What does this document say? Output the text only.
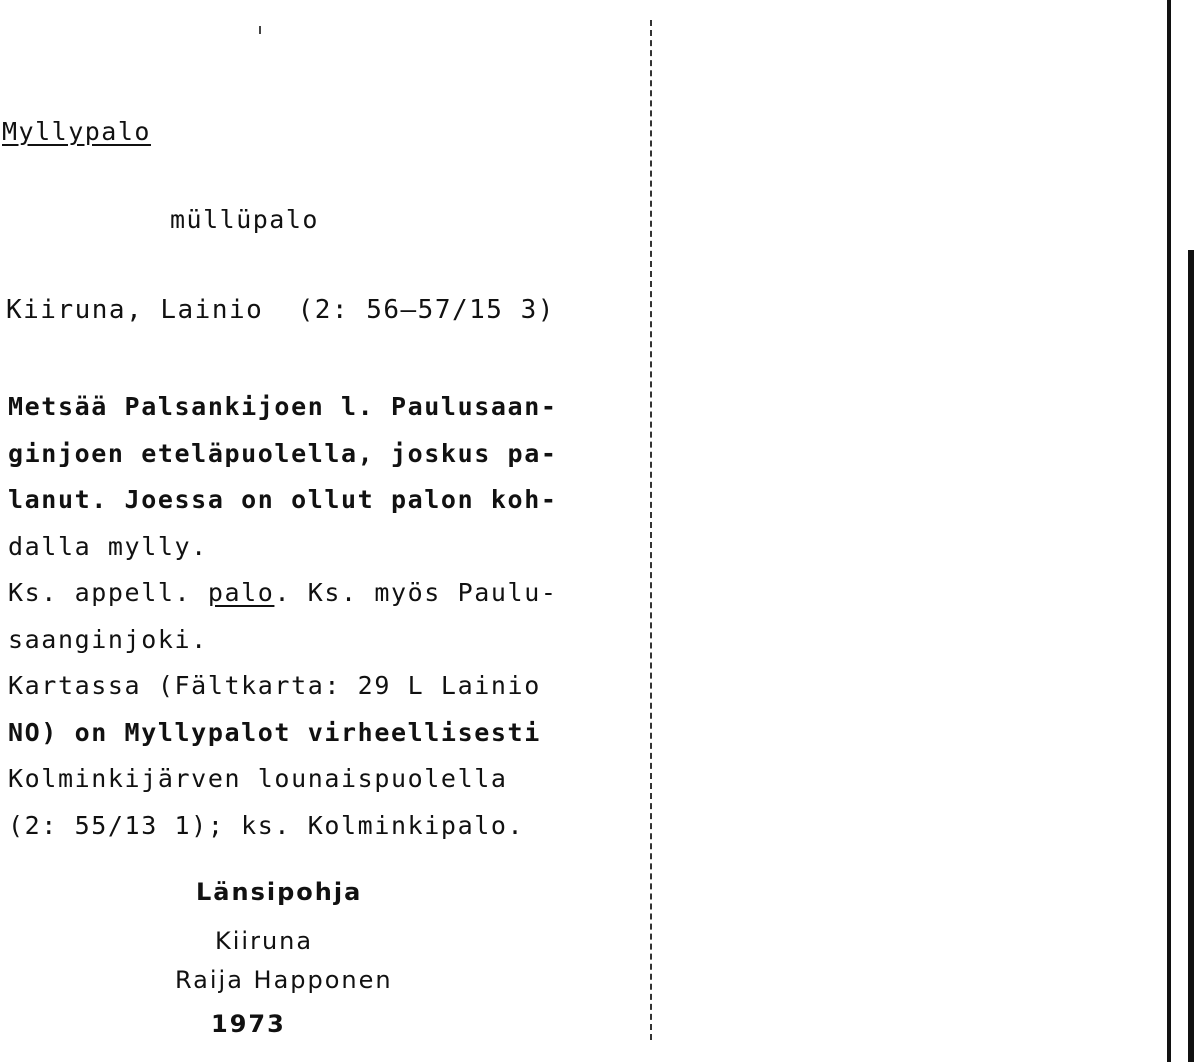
Myllypalo
müllüpalo
Kiiruna, Lainio  (2: 56–57/15 3)
Metsää Palsankijoen l. Paulusaan-
ginjoen eteläpuolella, joskus pa-
lanut. Joessa on ollut palon koh-
dalla mylly.
Ks. appell. palo. Ks. myös Paulu-
saanginjoki.
Kartassa (Fältkarta: 29 L Lainio
NO) on Myllypalot virheellisesti
Kolminkijärven lounaispuolella
(2: 55/13 1); ks. Kolminkipalo.
Länsipohja
Kiiruna
Raija Happonen
1973
